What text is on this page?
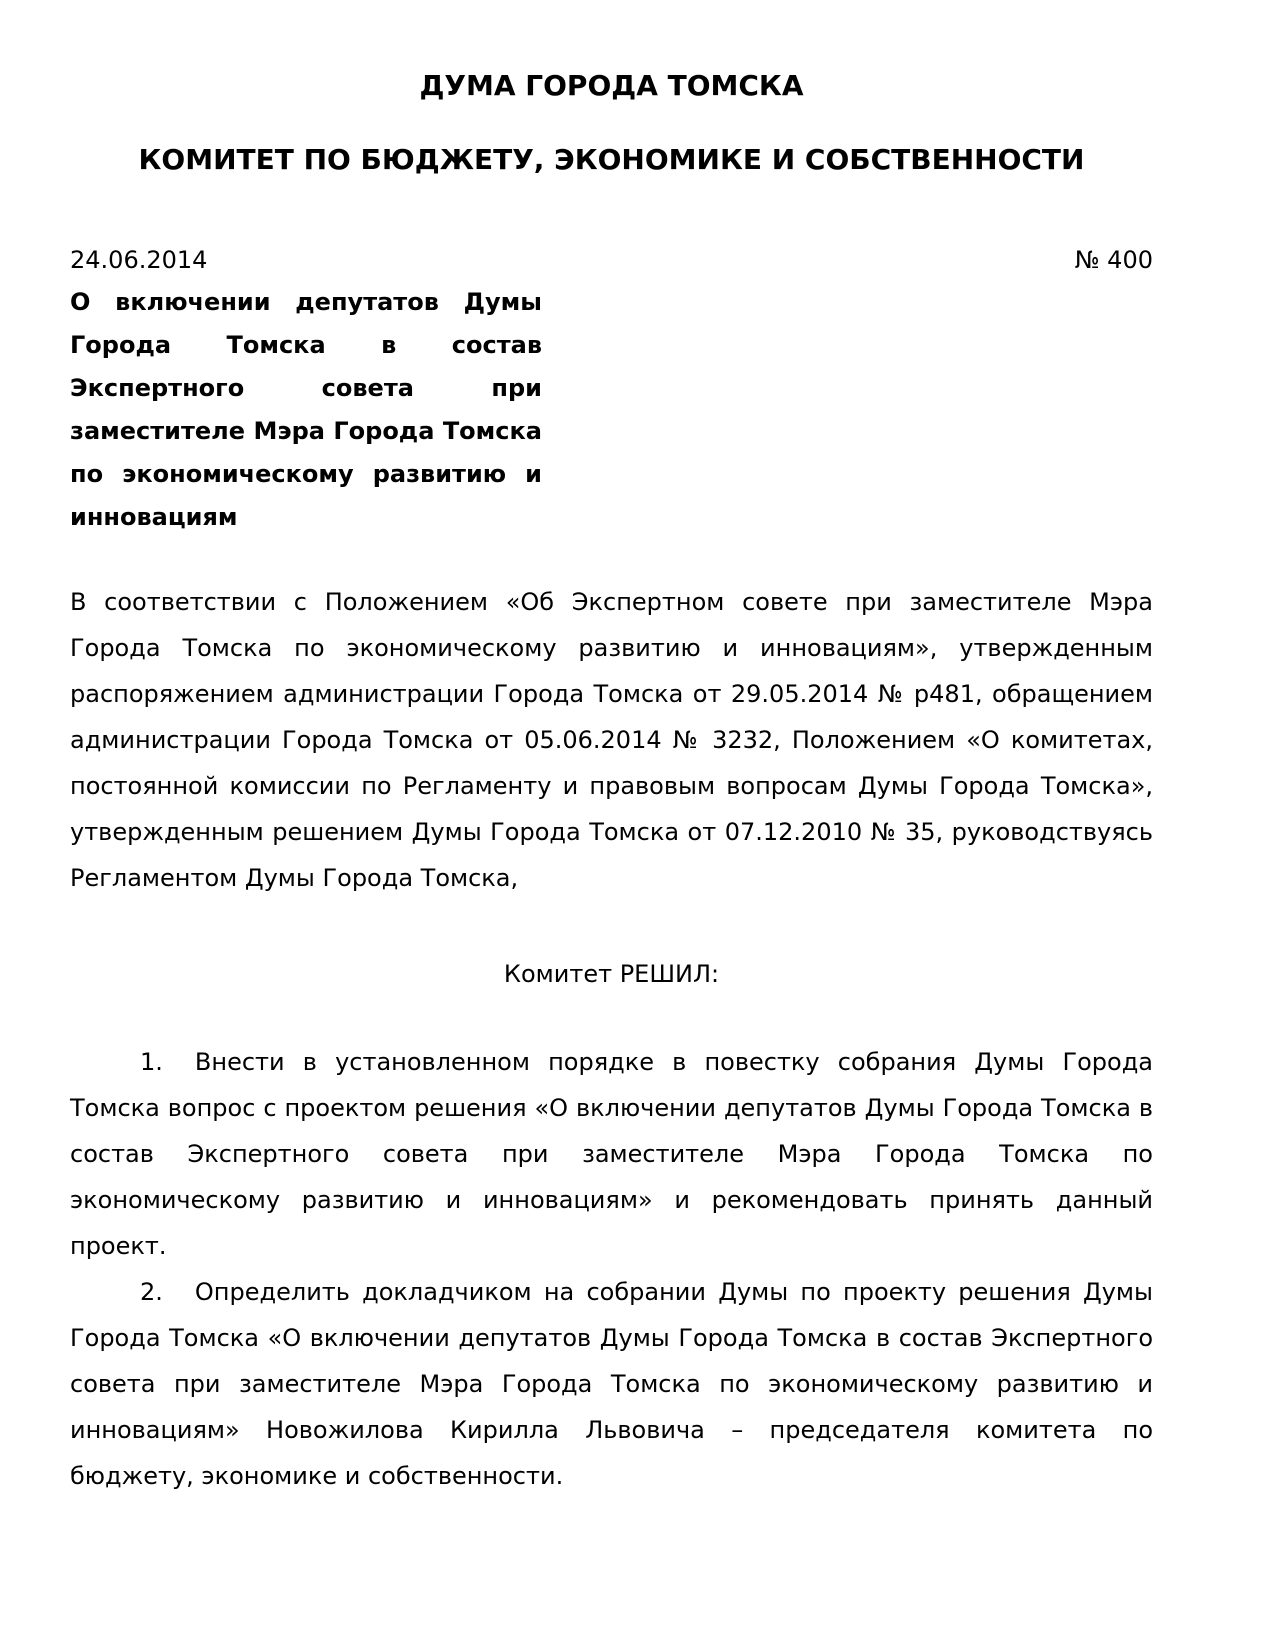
ДУМА ГОРОДА ТОМСКА
КОМИТЕТ ПО БЮДЖЕТУ, ЭКОНОМИКЕ И СОБСТВЕННОСТИ
24.06.2014	№ 400

О включении депутатов Думы Города Томска в состав Экспертного совета при заместителе Мэра Города Томска по экономическому развитию и инновациям

В соответствии с Положением «Об Экспертном совете при заместителе Мэра Города Томска по экономическому развитию и инновациям», утвержденным распоряжением администрации Города Томска от 29.05.2014 № р481, обращением администрации Города Томска от 05.06.2014 № 3232, Положением «О комитетах, постоянной комиссии по Регламенту и правовым вопросам Думы Города Томска», утвержденным решением Думы Города Томска от 07.12.2010 № 35, руководствуясь Регламентом Думы Города Томска,

Комитет РЕШИЛ:

1. Внести в установленном порядке в повестку собрания Думы Города Томска вопрос с проектом решения «О включении депутатов Думы Города Томска в состав Экспертного совета при заместителе Мэра Города Томска по экономическому развитию и инновациям» и рекомендовать принять данный проект.

2. Определить докладчиком на собрании Думы по проекту решения Думы Города Томска «О включении депутатов Думы Города Томска в состав Экспертного совета при заместителе Мэра Города Томска по экономическому развитию и инновациям» Новожилова Кирилла Львовича – председателя комитета по бюджету, экономике и собственности.
